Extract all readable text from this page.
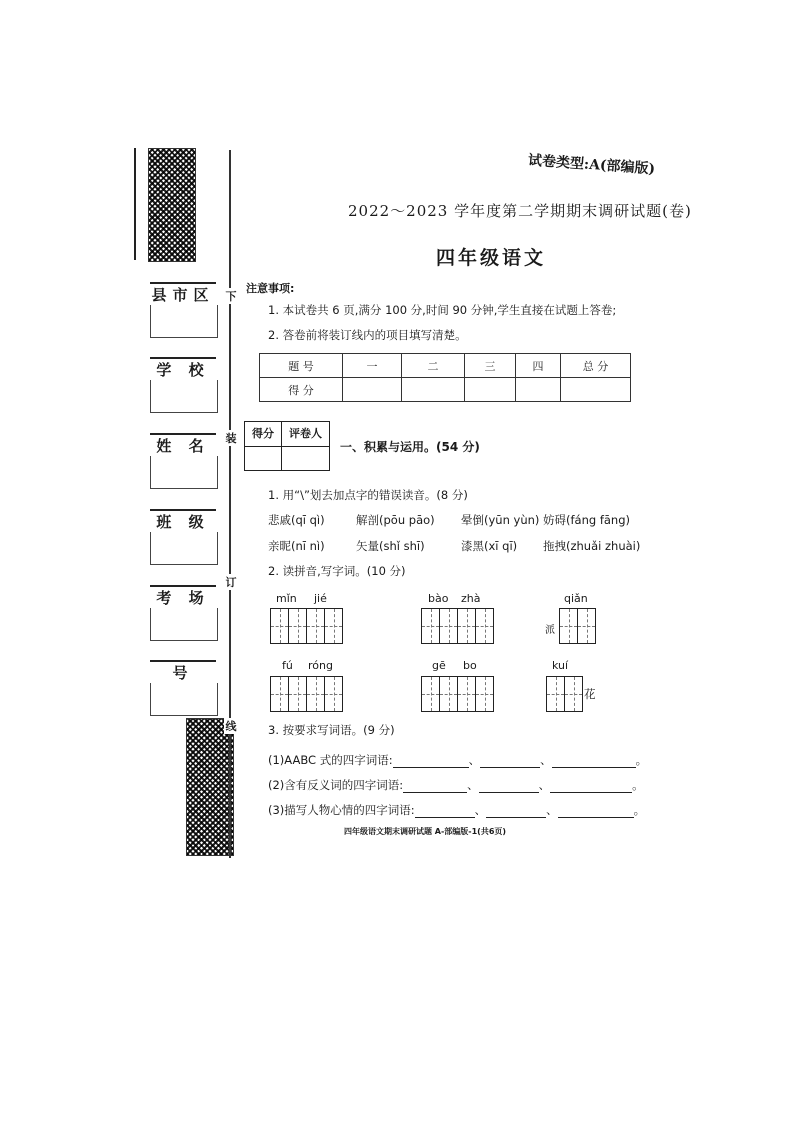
县市区
学 校
姓 名
班 级
考 场
号
下
装
订
线
试卷类型:A(部编版)
2022～2023 学年度第二学期期末调研试题(卷)
四年级语文
注意事项:
1. 本试卷共 6 页,满分 100 分,时间 90 分钟,学生直接在试题上答卷;
2. 答卷前将装订线内的项目填写清楚。
题 号	一	二	三	四	总 分
得 分					
得分	评卷人
一、积累与运用。(54 分)
1. 用“\”划去加点字的错误读音。(8 分)
悲戚(qī qì)	解剖(pōu pāo) 晕倒(yūn yùn) 妨碍(fáng fāng)
亲昵(nī nì)	矢量(shǐ shī)	漆黑(xī qī) 拖拽(zhuǎi zhuài)
2. 读拼音,写字词。(10 分)
mǐn jié	bào zhà	qiǎn
派
fú róng	gē bo	kuí
花
3. 按要求写词语。(9 分)
(1)AABC 式的四字词语:	、	、	。
(2)含有反义词的四字词语:	、	、	。
(3)描写人物心情的四字词语:	、	、	。
四年级语文期末调研试题 A-部编版-1(共6页)
